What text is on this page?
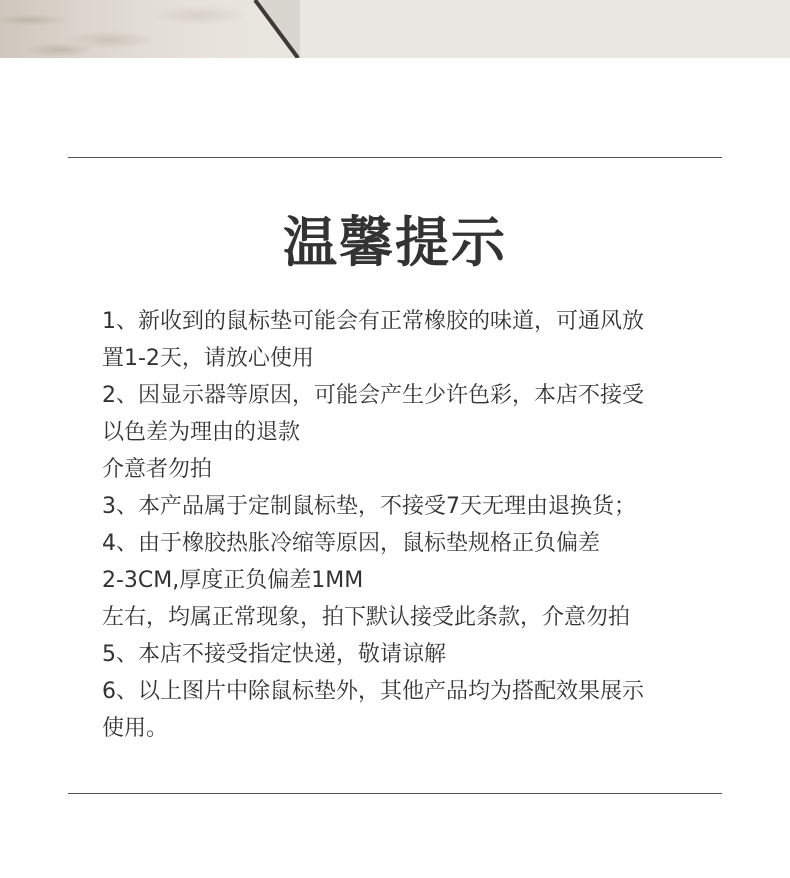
温馨提示
1、新收到的鼠标垫可能会有正常橡胶的味道，可通风放
置1-2天，请放心使用
2、因显示器等原因，可能会产生少许色彩，本店不接受
以色差为理由的退款
介意者勿拍
3、本产品属于定制鼠标垫，不接受7天无理由退换货；
4、由于橡胶热胀冷缩等原因，鼠标垫规格正负偏差
2-3CM,厚度正负偏差1MM
左右，均属正常现象，拍下默认接受此条款，介意勿拍
5、本店不接受指定快递，敬请谅解
6、以上图片中除鼠标垫外，其他产品均为搭配效果展示
使用。
